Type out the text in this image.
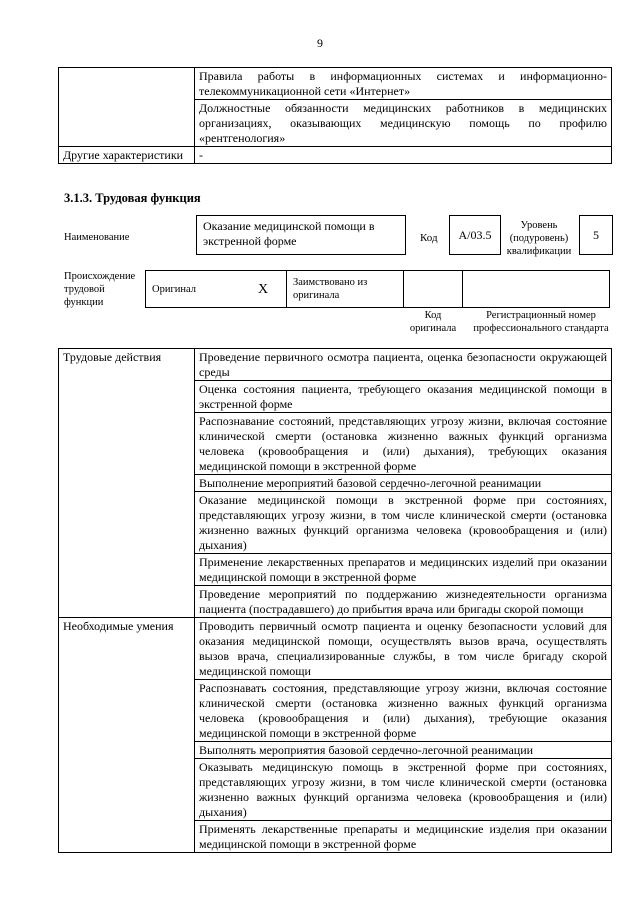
9
	Правила работы в информационных системах и информационно-телекоммуникационной сети «Интернет»
	Должностные обязанности медицинских работников в медицинских организациях, оказывающих медицинскую помощь по профилю «рентгенология»
Другие характеристики	-
3.1.3. Трудовая функция
Наименование
Оказание медицинской помощи в экстренной форме	Код	A/03.5
Уровень (подуровень) квалификации
5
Происхождение трудовой функции
Оригинал	X	Заимствовано из оригинала		
Код оригинала
Регистрационный номер профессионального стандарта
Трудовые действия	Проведение первичного осмотра пациента, оценка безопасности окружающей среды
	Оценка состояния пациента, требующего оказания медицинской помощи в экстренной форме
	Распознавание состояний, представляющих угрозу жизни, включая состояние клинической смерти (остановка жизненно важных функций организма человека (кровообращения и (или) дыхания), требующих оказания медицинской помощи в экстренной форме
	Выполнение мероприятий базовой сердечно-легочной реанимации
	Оказание медицинской помощи в экстренной форме при состояниях, представляющих угрозу жизни, в том числе клинической смерти (остановка жизненно важных функций организма человека (кровообращения и (или) дыхания)
	Применение лекарственных препаратов и медицинских изделий при оказании медицинской помощи в экстренной форме
	Проведение мероприятий по поддержанию жизнедеятельности организма пациента (пострадавшего) до прибытия врача или бригады скорой помощи
Необходимые умения	Проводить первичный осмотр пациента и оценку безопасности условий для оказания медицинской помощи, осуществлять вызов врача, осуществлять вызов врача, специализированные службы, в том числе бригаду скорой медицинской помощи
	Распознавать состояния, представляющие угрозу жизни, включая состояние клинической смерти (остановка жизненно важных функций организма человека (кровообращения и (или) дыхания), требующие оказания медицинской помощи в экстренной форме
	Выполнять мероприятия базовой сердечно-легочной реанимации
	Оказывать медицинскую помощь в экстренной форме при состояниях, представляющих угрозу жизни, в том числе клинической смерти (остановка жизненно важных функций организма человека (кровообращения и (или) дыхания)
	Применять лекарственные препараты и медицинские изделия при оказании медицинской помощи в экстренной форме
